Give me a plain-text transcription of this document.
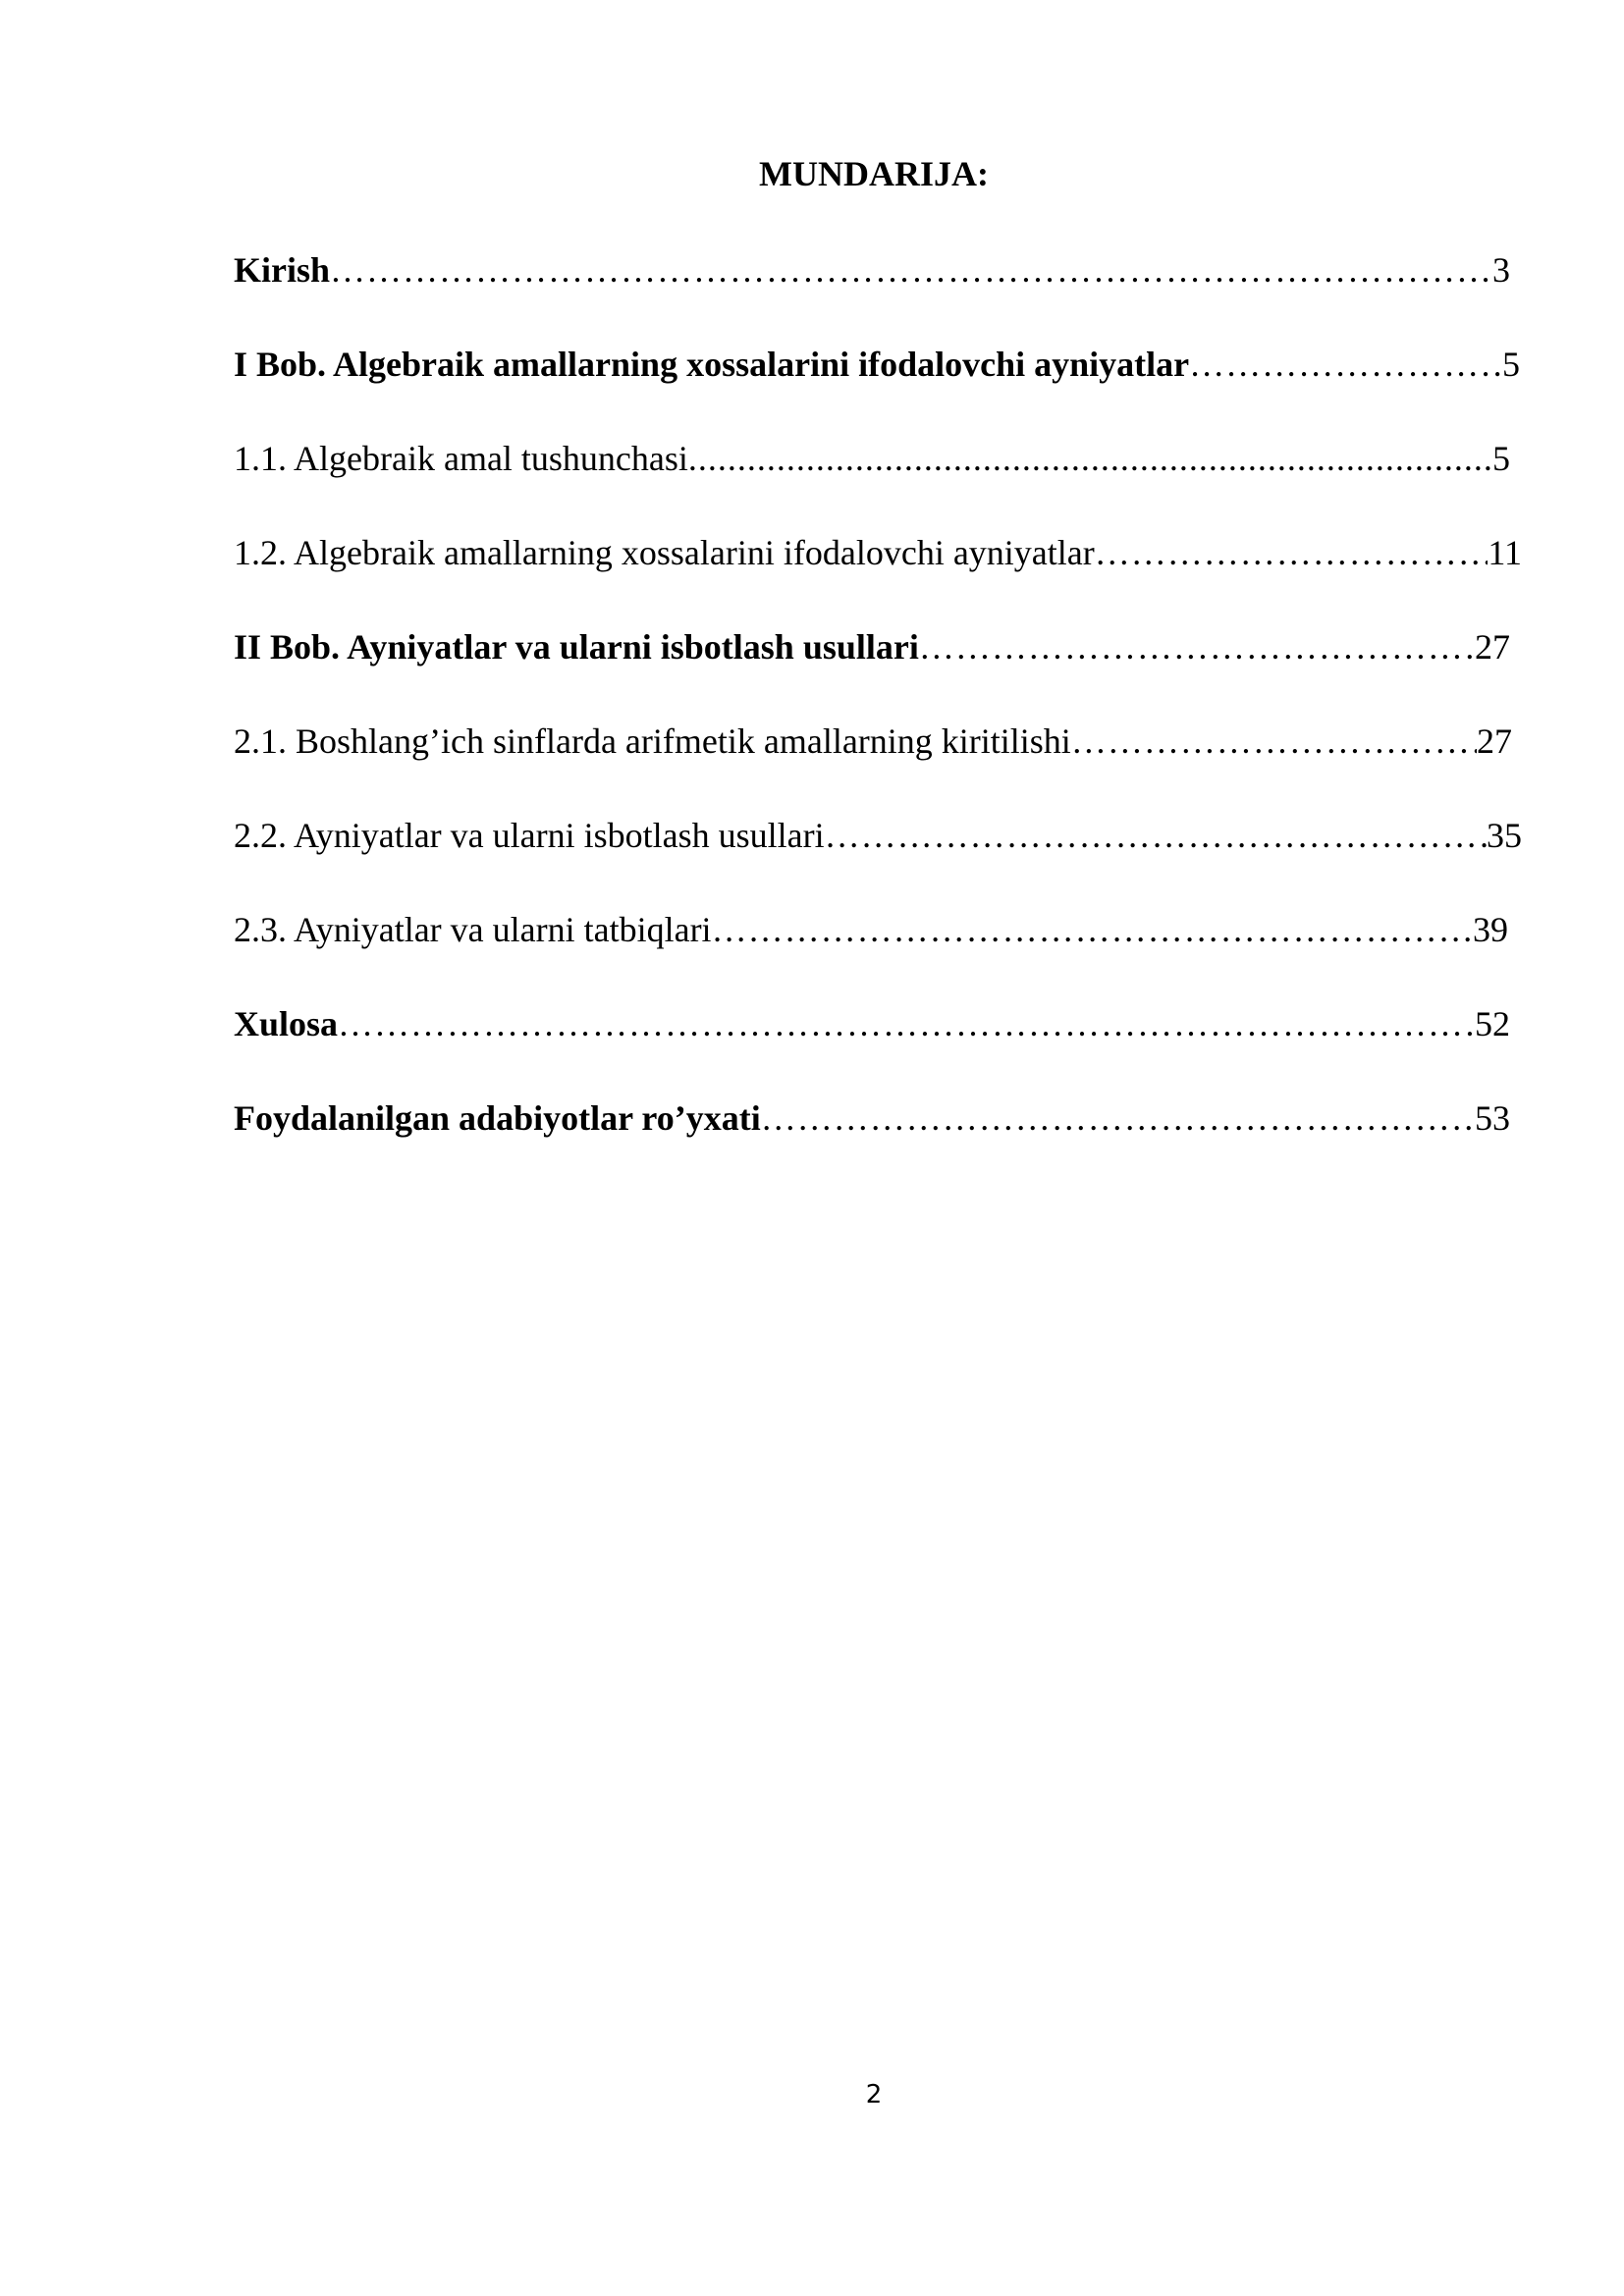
MUNDARIJA:
Kirish ……………………………………………………………………………………………………………………………………………………………………………………………………………	3
I Bob. Algebraik amallarning xossalarini ifodalovchi ayniyatlar ……………………………………………………………………………………………………………………………………………………………………………………………………………	5
1.1. Algebraik amal tushunchasi .....	5
1.2. Algebraik amallarning xossalarini ifodalovchi ayniyatlar ……………………………………………………………………………………………………………………………………………………………………………………………………………	11
II Bob. Ayniyatlar va ularni isbotlash usullari ……………………………………………………………………………………………………………………………………………………………………………………………………………	27
2.1. Boshlang’ich sinflarda arifmetik amallarning kiritilishi ……………………………………………………………………………………………………………………………………………………………………………………………………………	27
2.2. Ayniyatlar va ularni isbotlash usullari ……………………………………………………………………………………………………………………………………………………………………………………………………………	35
2.3. Ayniyatlar va ularni tatbiqlari ……………………………………………………………………………………………………………………………………………………………………………………………………………	39
Xulosa ……………………………………………………………………………………………………………………………………………………………………………………………………………	52
Foydalanilgan adabiyotlar ro’yxati ……………………………………………………………………………………………………………………………………………………………………………………………………………	53
2
